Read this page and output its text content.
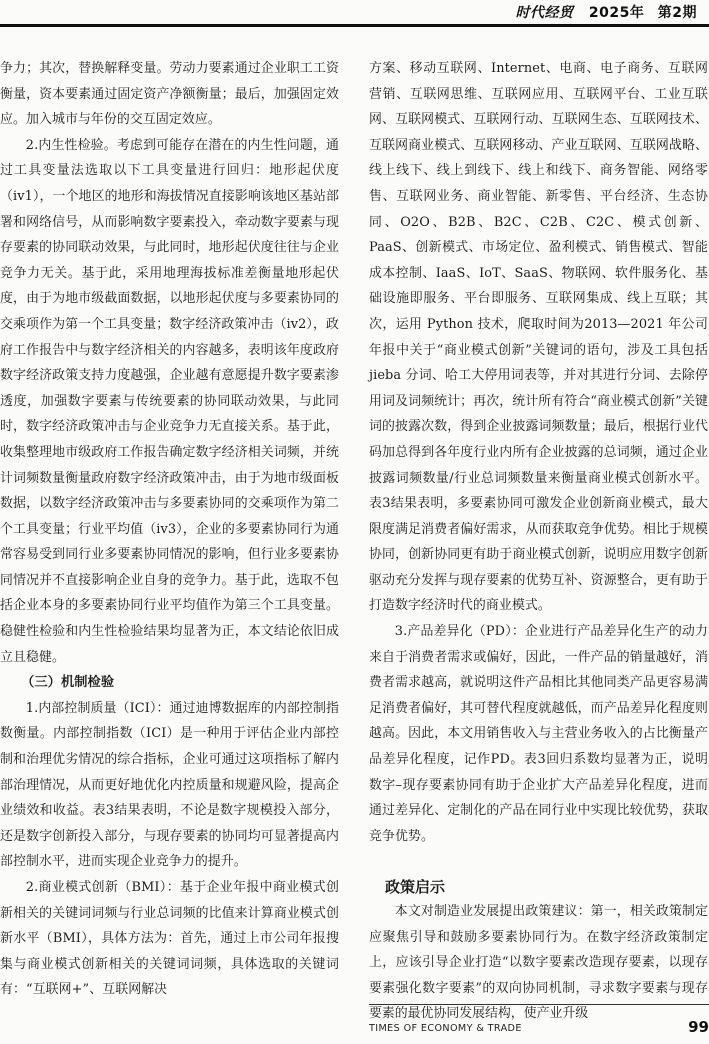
时代经贸 2025年 第2期

争力；其次，替换解释变量。劳动力要素通过企业职工工资衡量，资本要素通过固定资产净额衡量；最后，加强固定效应。加入城市与年份的交互固定效应。

2.内生性检验。考虑到可能存在潜在的内生性问题，通过工具变量法选取以下工具变量进行回归：地形起伏度（iv1），一个地区的地形和海拔情况直接影响该地区基站部署和网络信号，从而影响数字要素投入，牵动数字要素与现存要素的协同联动效果，与此同时，地形起伏度往往与企业竞争力无关。基于此，采用地理海拔标准差衡量地形起伏度，由于为地市级截面数据，以地形起伏度与多要素协同的交乘项作为第一个工具变量；数字经济政策冲击（iv2），政府工作报告中与数字经济相关的内容越多，表明该年度政府数字经济政策支持力度越强，企业越有意愿提升数字要素渗透度，加强数字要素与传统要素的协同联动效果，与此同时，数字经济政策冲击与企业竞争力无直接关系。基于此，收集整理地市级政府工作报告确定数字经济相关词频，并统计词频数量衡量政府数字经济政策冲击，由于为地市级面板数据，以数字经济政策冲击与多要素协同的交乘项作为第二个工具变量；行业平均值（iv3），企业的多要素协同行为通常容易受到同行业多要素协同情况的影响，但行业多要素协同情况并不直接影响企业自身的竞争力。基于此，选取不包括企业本身的多要素协同行业平均值作为第三个工具变量。稳健性检验和内生性检验结果均显著为正，本文结论依旧成立且稳健。

（三）机制检验

1.内部控制质量（ICI）：通过迪博数据库的内部控制指数衡量。内部控制指数（ICI）是一种用于评估企业内部控制和治理优劣情况的综合指标，企业可通过这项指标了解内部治理情况，从而更好地优化内控质量和规避风险，提高企业绩效和收益。表3结果表明，不论是数字规模投入部分，还是数字创新投入部分，与现存要素的协同均可显著提高内部控制水平，进而实现企业竞争力的提升。

2.商业模式创新（BMI）：基于企业年报中商业模式创新相关的关键词词频与行业总词频的比值来计算商业模式创新水平（BMI），具体方法为：首先，通过上市公司年报搜集与商业模式创新相关的关键词词频，具体选取的关键词有：“互联网+”、互联网解决

方案、移动互联网、Internet、电商、电子商务、互联网营销、互联网思维、互联网应用、互联网平台、工业互联网、互联网模式、互联网行动、互联网生态、互联网技术、互联网商业模式、互联网移动、产业互联网、互联网战略、线上线下、线上到线下、线上和线下、商务智能、网络零售、互联网业务、商业智能、新零售、平台经济、生态协同、O2O、B2B、B2C、C2B、C2C、模式创新、PaaS、创新模式、市场定位、盈利模式、销售模式、智能成本控制、IaaS、IoT、SaaS、物联网、软件服务化、基础设施即服务、平台即服务、互联网集成、线上互联；其次，运用 Python 技术，爬取时间为2013—2021 年公司年报中关于“商业模式创新”关键词的语句，涉及工具包括 jieba 分词、哈工大停用词表等，并对其进行分词、去除停用词及词频统计；再次，统计所有符合“商业模式创新”关键词的披露次数，得到企业披露词频数量；最后，根据行业代码加总得到各年度行业内所有企业披露的总词频，通过企业披露词频数量/行业总词频数量来衡量商业模式创新水平。表3结果表明，多要素协同可激发企业创新商业模式，最大限度满足消费者偏好需求，从而获取竞争优势。相比于规模协同，创新协同更有助于商业模式创新，说明应用数字创新驱动充分发挥与现存要素的优势互补、资源整合，更有助于打造数字经济时代的商业模式。

3.产品差异化（PD）：企业进行产品差异化生产的动力来自于消费者需求或偏好，因此，一件产品的销量越好，消费者需求越高，就说明这件产品相比其他同类产品更容易满足消费者偏好，其可替代程度就越低，而产品差异化程度则越高。因此，本文用销售收入与主营业务收入的占比衡量产品差异化程度，记作PD。表3回归系数均显著为正，说明数字–现存要素协同有助于企业扩大产品差异化程度，进而通过差异化、定制化的产品在同行业中实现比较优势，获取竞争优势。

政策启示

本文对制造业发展提出政策建议：第一，相关政策制定应聚焦引导和鼓励多要素协同行为。在数字经济政策制定上，应该引导企业打造“以数字要素改造现存要素，以现存要素强化数字要素”的双向协同机制，寻求数字要素与现存要素的最优协同发展结构，使产业升级

TIMES OF ECONOMY & TRADE	99
